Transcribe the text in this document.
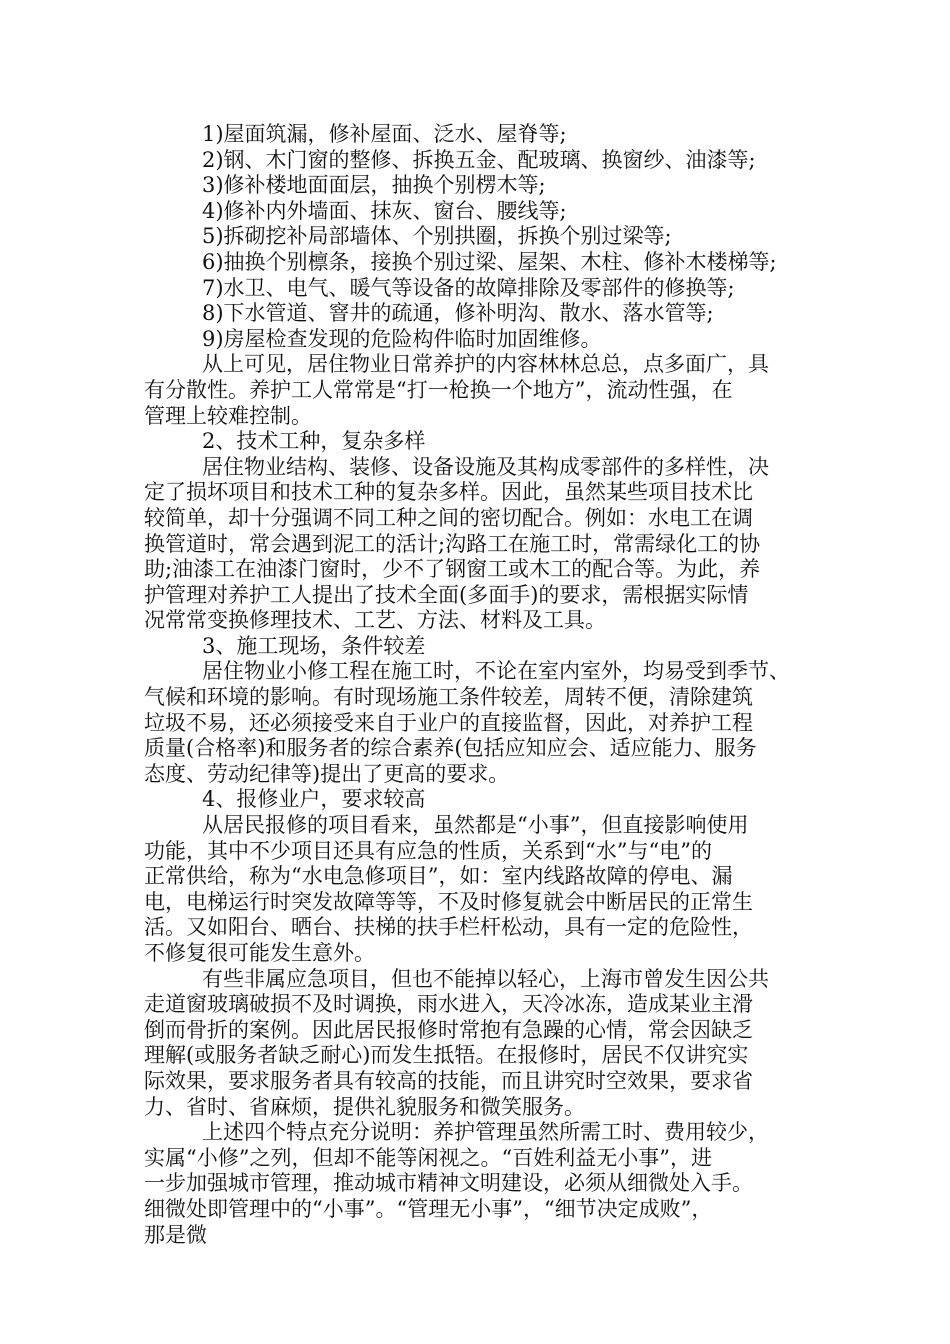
1)屋面筑漏，修补屋面、泛水、屋脊等;
2)钢、木门窗的整修、拆换五金、配玻璃、换窗纱、油漆等;
3)修补楼地面面层，抽换个别楞木等;
4)修补内外墙面、抹灰、窗台、腰线等;
5)拆砌挖补局部墙体、个别拱圈，拆换个别过梁等;
6)抽换个别檩条，接换个别过梁、屋架、木柱、修补木楼梯等;
7)水卫、电气、暖气等设备的故障排除及零部件的修换等;
8)下水管道、窨井的疏通，修补明沟、散水、落水管等;
9)房屋检查发现的危险构件临时加固维修。
从上可见，居住物业日常养护的内容林林总总，点多面广，具
有分散性。养护工人常常是“打一枪换一个地方”，流动性强，在
管理上较难控制。
2、技术工种，复杂多样
居住物业结构、装修、设备设施及其构成零部件的多样性，决
定了损坏项目和技术工种的复杂多样。因此，虽然某些项目技术比
较简单，却十分强调不同工种之间的密切配合。例如：水电工在调
换管道时，常会遇到泥工的活计;沟路工在施工时，常需绿化工的协
助;油漆工在油漆门窗时，少不了钢窗工或木工的配合等。为此，养
护管理对养护工人提出了技术全面(多面手)的要求，需根据实际情
况常常变换修理技术、工艺、方法、材料及工具。
3、施工现场，条件较差
居住物业小修工程在施工时，不论在室内室外，均易受到季节、
气候和环境的影响。有时现场施工条件较差，周转不便，清除建筑
垃圾不易，还必须接受来自于业户的直接监督，因此，对养护工程
质量(合格率)和服务者的综合素养(包括应知应会、适应能力、服务
态度、劳动纪律等)提出了更高的要求。
4、报修业户，要求较高
从居民报修的项目看来，虽然都是“小事”，但直接影响使用
功能，其中不少项目还具有应急的性质，关系到“水”与“电”的
正常供给，称为“水电急修项目”，如：室内线路故障的停电、漏
电，电梯运行时突发故障等等，不及时修复就会中断居民的正常生
活。又如阳台、晒台、扶梯的扶手栏杆松动，具有一定的危险性，
不修复很可能发生意外。
有些非属应急项目，但也不能掉以轻心，上海市曾发生因公共
走道窗玻璃破损不及时调换，雨水进入，天冷冰冻，造成某业主滑
倒而骨折的案例。因此居民报修时常抱有急躁的心情，常会因缺乏
理解(或服务者缺乏耐心)而发生抵牾。在报修时，居民不仅讲究实
际效果，要求服务者具有较高的技能，而且讲究时空效果，要求省
力、省时、省麻烦，提供礼貌服务和微笑服务。
上述四个特点充分说明：养护管理虽然所需工时、费用较少，
实属“小修”之列，但却不能等闲视之。“百姓利益无小事”，进
一步加强城市管理，推动城市精神文明建设，必须从细微处入手。
细微处即管理中的“小事”。“管理无小事”，“细节决定成败”，
那是微
